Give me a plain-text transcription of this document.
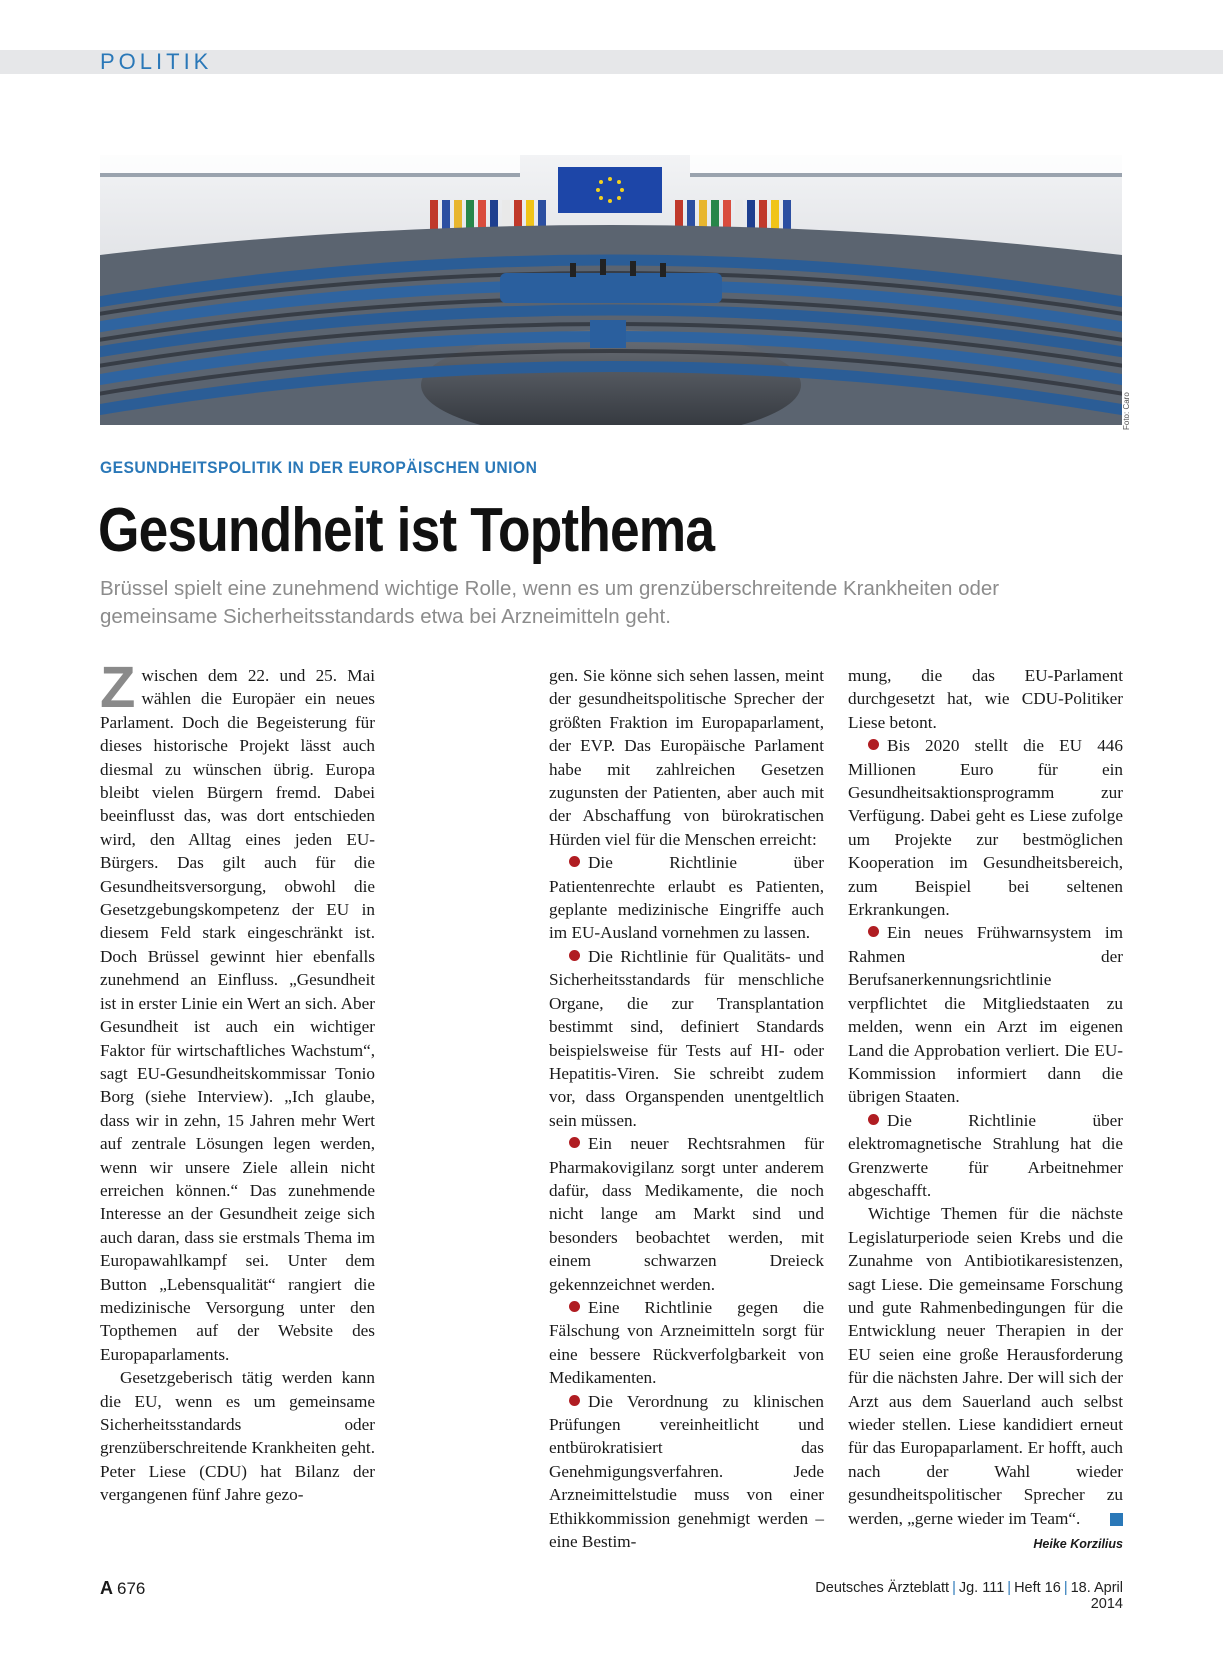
POLITIK
Foto: Caro
GESUNDHEITSPOLITIK IN DER EUROPÄISCHEN UNION
Gesundheit ist Topthema
Brüssel spielt eine zunehmend wichtige Rolle, wenn es um grenzüberschreitende Krankheiten oder gemeinsame Sicherheitsstandards etwa bei Arzneimitteln geht.

Zwischen dem 22. und 25. Mai wählen die Europäer ein neues Parlament. Doch die Begeisterung für dieses historische Projekt lässt auch diesmal zu wünschen übrig. Europa bleibt vielen Bürgern fremd. Dabei beeinflusst das, was dort entschieden wird, den Alltag eines jeden EU-Bürgers. Das gilt auch für die Gesundheitsversorgung, obwohl die Gesetzgebungskompetenz der EU in diesem Feld stark eingeschränkt ist. Doch Brüssel gewinnt hier ebenfalls zunehmend an Einfluss. „Gesundheit ist in erster Linie ein Wert an sich. Aber Gesundheit ist auch ein wichtiger Faktor für wirtschaftliches Wachstum“, sagt EU-Gesundheitskommissar Tonio Borg (siehe Interview). „Ich glaube, dass wir in zehn, 15 Jahren mehr Wert auf zentrale Lösungen legen werden, wenn wir unsere Ziele allein nicht erreichen können.“ Das zunehmende Interesse an der Gesundheit zeige sich auch daran, dass sie erstmals Thema im Europawahlkampf sei. Unter dem Button „Lebensqualität“ rangiert die medizinische Versorgung unter den Topthemen auf der Website des Europaparlaments.

Gesetzgeberisch tätig werden kann die EU, wenn es um gemeinsame Sicherheitsstandards oder grenzüberschreitende Krankheiten geht. Peter Liese (CDU) hat Bilanz der vergangenen fünf Jahre gezo-

gen. Sie könne sich sehen lassen, meint der gesundheitspolitische Sprecher der größten Fraktion im Europaparlament, der EVP. Das Europäische Parlament habe mit zahlreichen Gesetzen zugunsten der Patienten, aber auch mit der Abschaffung von bürokratischen Hürden viel für die Menschen erreicht:

Die Richtlinie über Patientenrechte erlaubt es Patienten, geplante medizinische Eingriffe auch im EU-Ausland vornehmen zu lassen.

Die Richtlinie für Qualitäts- und Sicherheitsstandards für menschliche Organe, die zur Transplantation bestimmt sind, definiert Standards beispielsweise für Tests auf HI- oder Hepatitis-Viren. Sie schreibt zudem vor, dass Organspenden unentgeltlich sein müssen.

Ein neuer Rechtsrahmen für Pharmakovigilanz sorgt unter anderem dafür, dass Medikamente, die noch nicht lange am Markt sind und besonders beobachtet werden, mit einem schwarzen Dreieck gekennzeichnet werden.

Eine Richtlinie gegen die Fälschung von Arzneimitteln sorgt für eine bessere Rückverfolgbarkeit von Medikamenten.

Die Verordnung zu klinischen Prüfungen vereinheitlicht und entbürokratisiert das Genehmigungsverfahren. Jede Arzneimittelstudie muss von einer Ethikkommission genehmigt werden – eine Bestim-

mung, die das EU-Parlament durchgesetzt hat, wie CDU-Politiker Liese betont.

Bis 2020 stellt die EU 446 Millionen Euro für ein Gesundheitsaktionsprogramm zur Verfügung. Dabei geht es Liese zufolge um Projekte zur bestmöglichen Kooperation im Gesundheitsbereich, zum Beispiel bei seltenen Erkrankungen.

Ein neues Frühwarnsystem im Rahmen der Berufsanerkennungsrichtlinie verpflichtet die Mitgliedstaaten zu melden, wenn ein Arzt im eigenen Land die Approbation verliert. Die EU-Kommission informiert dann die übrigen Staaten.

Die Richtlinie über elektromagnetische Strahlung hat die Grenzwerte für Arbeitnehmer abgeschafft.

Wichtige Themen für die nächste Legislaturperiode seien Krebs und die Zunahme von Antibiotikaresistenzen, sagt Liese. Die gemeinsame Forschung und gute Rahmenbedingungen für die Entwicklung neuer Therapien in der EU seien eine große Herausforderung für die nächsten Jahre. Der will sich der Arzt aus dem Sauerland auch selbst wieder stellen. Liese kandidiert erneut für das Europaparlament. Er hofft, auch nach der Wahl wieder gesundheitspolitischer Sprecher zu werden, „gerne wieder im Team“.

Heike Korzilius
A 676	Deutsches Ärzteblatt | Jg. 111 | Heft 16 | 18. April 2014
